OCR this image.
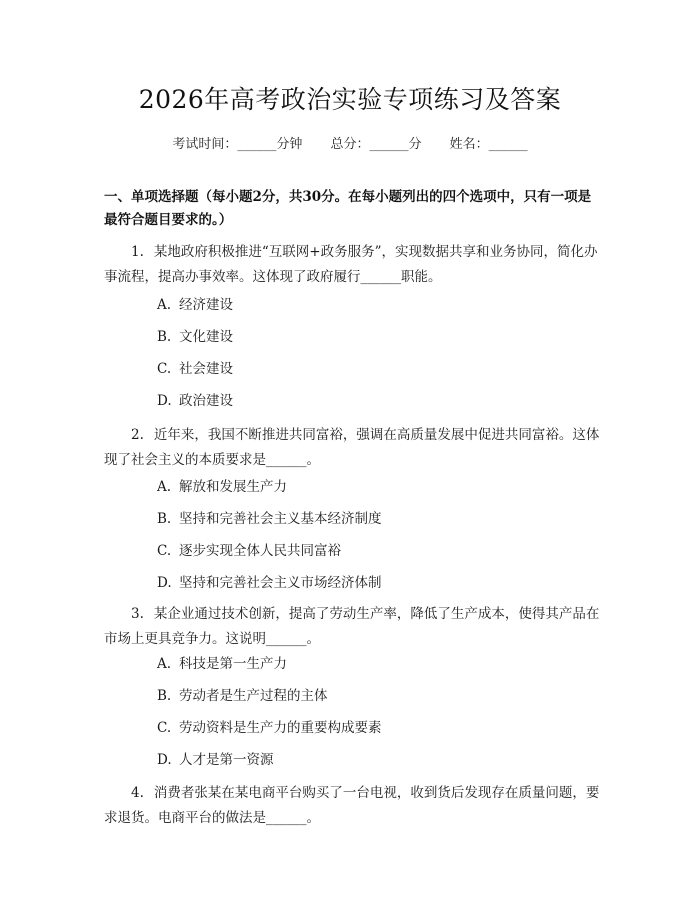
2026年高考政治实验专项练习及答案
考试时间：______分钟 总分：______分 姓名：______
一、单项选择题（每小题2分，共30分。在每小题列出的四个选项中，只有一项是最符合题目要求的。）
1. 某地政府积极推进“互联网+政务服务”，实现数据共享和业务协同，简化办事流程，提高办事效率。这体现了政府履行______职能。
A. 经济建设
B. 文化建设
C. 社会建设
D. 政治建设
2. 近年来，我国不断推进共同富裕，强调在高质量发展中促进共同富裕。这体现了社会主义的本质要求是______。
A. 解放和发展生产力
B. 坚持和完善社会主义基本经济制度
C. 逐步实现全体人民共同富裕
D. 坚持和完善社会主义市场经济体制
3. 某企业通过技术创新，提高了劳动生产率，降低了生产成本，使得其产品在市场上更具竞争力。这说明______。
A. 科技是第一生产力
B. 劳动者是生产过程的主体
C. 劳动资料是生产力的重要构成要素
D. 人才是第一资源
4. 消费者张某在某电商平台购买了一台电视，收到货后发现存在质量问题，要求退货。电商平台的做法是______。
